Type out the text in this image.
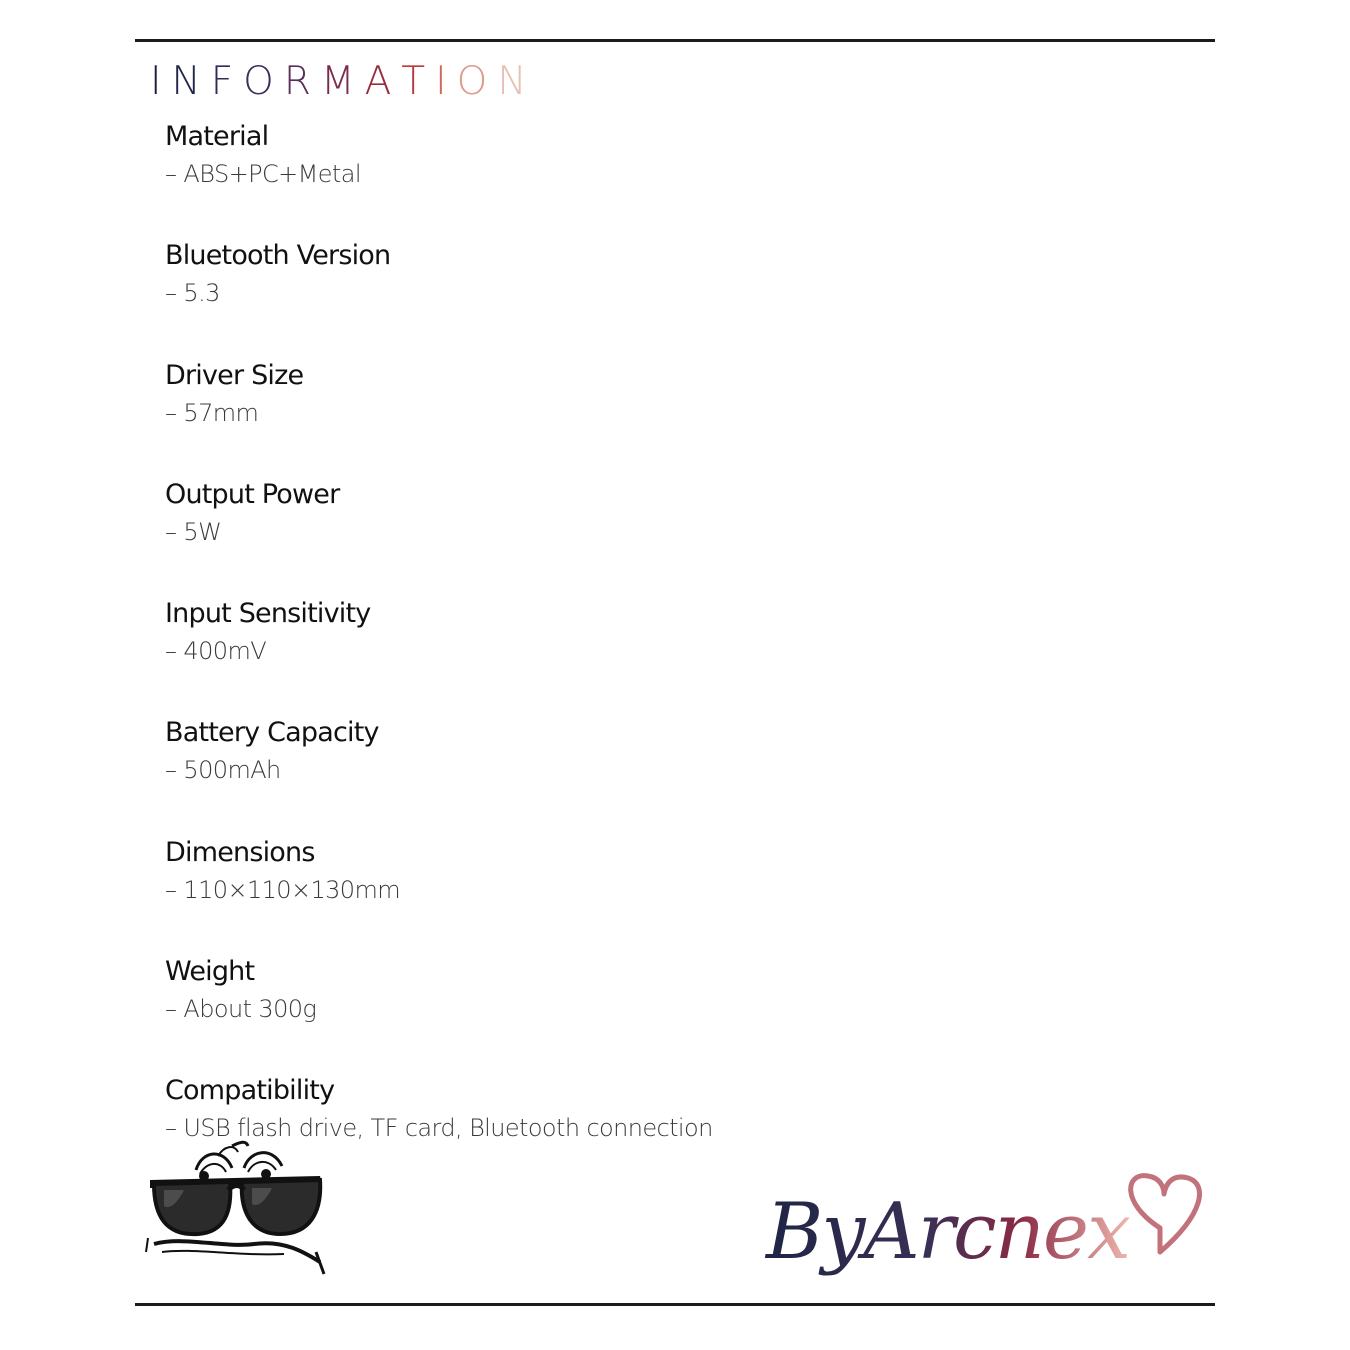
INFORMATION
Material
– ABS+PC+Metal
Bluetooth Version
– 5.3
Driver Size
– 57mm
Output Power
– 5W
Input Sensitivity
– 400mV
Battery Capacity
– 500mAh
Dimensions
– 110×110×130mm
Weight
– About 300g
Compatibility
– USB flash drive, TF card, Bluetooth connection
ByArcnex
